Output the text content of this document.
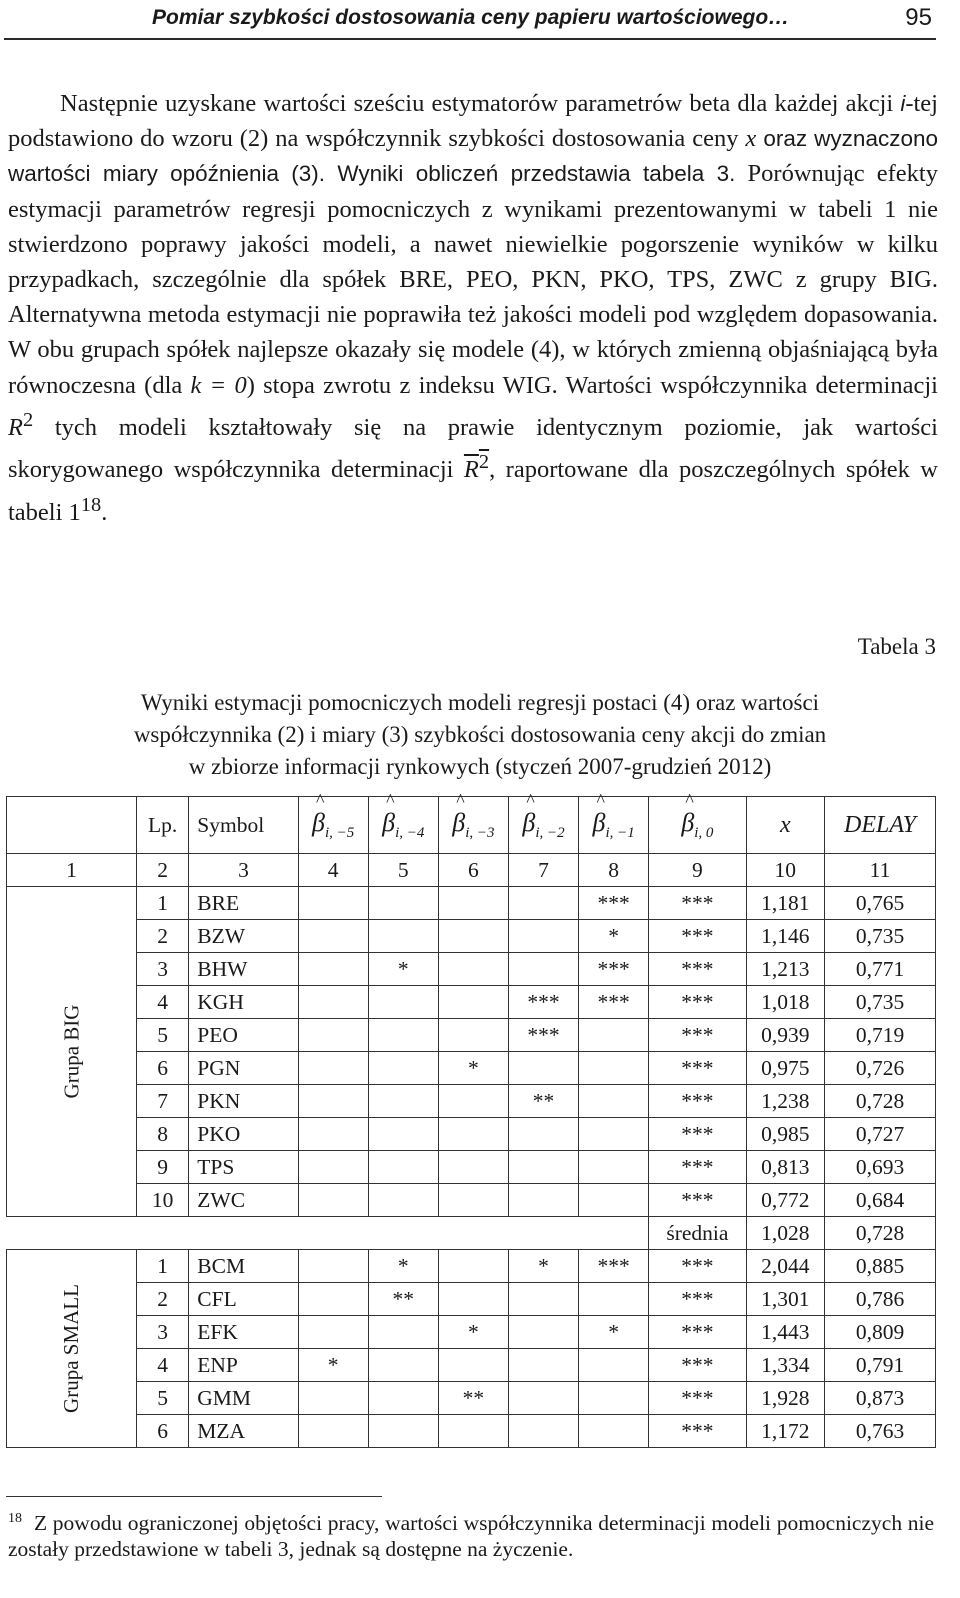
Pomiar szybkości dostosowania ceny papieru wartościowego…	95

Następnie uzyskane wartości sześciu estymatorów parametrów beta dla każdej akcji i-tej podstawiono do wzoru (2) na współczynnik szybkości dostosowania ceny x oraz wyznaczono wartości miary opóźnienia (3). Wyniki obliczeń przedstawia tabela 3. Porównując efekty estymacji parametrów regresji pomocniczych z wynikami prezentowanymi w tabeli 1 nie stwierdzono poprawy jakości modeli, a nawet niewielkie pogorszenie wyników w kilku przypadkach, szczególnie dla spółek BRE, PEO, PKN, PKO, TPS, ZWC z grupy BIG. Alternatywna metoda estymacji nie poprawiła też jakości modeli pod względem dopasowania. W obu grupach spółek najlepsze okazały się modele (4), w których zmienną objaśniającą była równoczesna (dla k = 0) stopa zwrotu z indeksu WIG. Wartości współczynnika determinacji $R^2$ tych modeli kształtowały się na prawie identycznym poziomie, jak wartości skorygowanego współczynnika determinacji $R^2$, raportowane dla poszczególnych spółek w tabeli $1^{18}$.

Tabela 3
Wyniki estymacji pomocniczych modeli regresji postaci (4) oraz wartości
współczynnika (2) i miary (3) szybkości dostosowania ceny akcji do zmian
w zbiorze informacji rynkowych (styczeń 2007-grudzień 2012)
	Lp.	Symbol	^ $\beta_{i, -5}$	^ $\beta_{i, -4}$	^ $\beta_{i, -3}$	^ $\beta_{i, -2}$	^ $\beta_{i, -1}$	^ $\beta_{i, 0}$	x	DELAY
1	2	3	4	5	6	7	8	9	10	11
Grupa BIG	1	BRE					***	***	1,181	0,765
	2	BZW					*	***	1,146	0,735
	3	BHW		*			***	***	1,213	0,771
	4	KGH				***	***	***	1,018	0,735
	5	PEO				***		***	0,939	0,719
	6	PGN			*			***	0,975	0,726
	7	PKN				**		***	1,238	0,728
	8	PKO						***	0,985	0,727
	9	TPS						***	0,813	0,693
	10	ZWC						***	0,772	0,684
								średnia	1,028	0,728
Grupa SMALL	1	BCM		*		*	***	***	2,044	0,885
	2	CFL		**				***	1,301	0,786
	3	EFK			*		*	***	1,443	0,809
	4	ENP	*					***	1,334	0,791
	5	GMM			**			***	1,928	0,873
	6	MZA						***	1,172	0,763
$^{18}$ Z powodu ograniczonej objętości pracy, wartości współczynnika determinacji modeli pomocniczych nie zostały przedstawione w tabeli 3, jednak są dostępne na życzenie.
